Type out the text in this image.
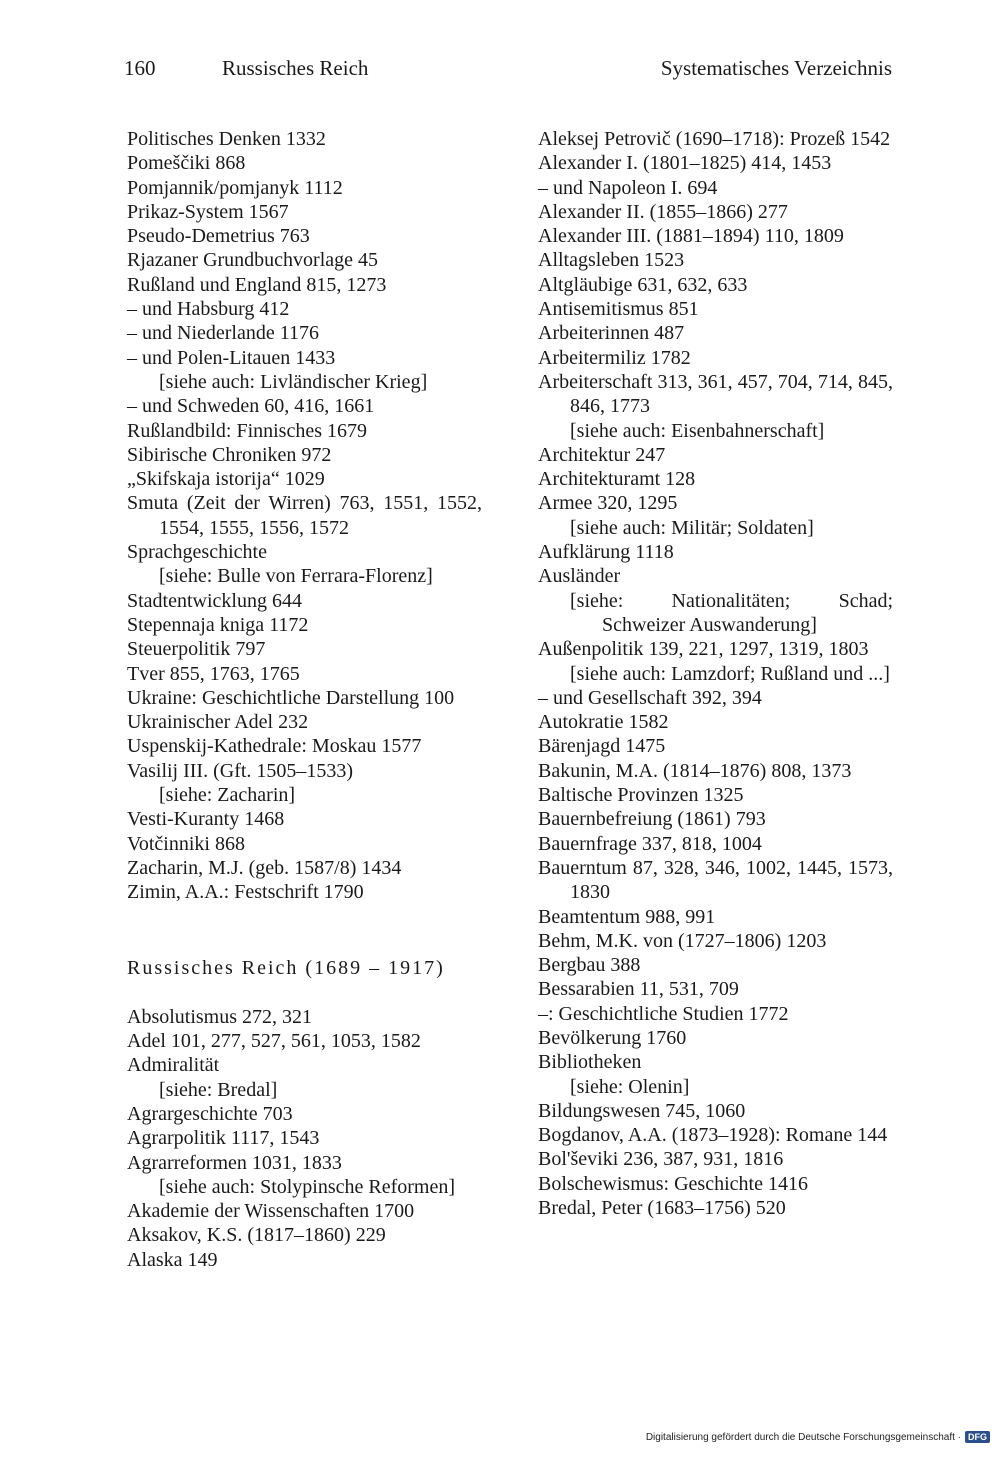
160	Russisches Reich	Systematisches Verzeichnis

Politisches Denken 1332

Pomeščiki 868

Pomjannik/pomjanyk 1112

Prikaz-System 1567

Pseudo-Demetrius 763

Rjazaner Grundbuchvorlage 45

Rußland und England 815, 1273

– und Habsburg 412

– und Niederlande 1176

– und Polen-Litauen 1433

[siehe auch: Livländischer Krieg]

– und Schweden 60, 416, 1661

Rußlandbild: Finnisches 1679

Sibirische Chroniken 972

„Skifskaja istorija“ 1029

Smuta (Zeit der Wirren) 763, 1551, 1552, 1554, 1555, 1556, 1572

Sprachgeschichte

[siehe: Bulle von Ferrara-Florenz]

Stadtentwicklung 644

Stepennaja kniga 1172

Steuerpolitik 797

Tver 855, 1763, 1765

Ukraine: Geschichtliche Darstellung 100

Ukrainischer Adel 232

Uspenskij-Kathedrale: Moskau 1577

Vasilij III. (Gft. 1505–1533)

[siehe: Zacharin]

Vesti-Kuranty 1468

Votčinniki 868

Zacharin, M.J. (geb. 1587/8) 1434

Zimin, A.A.: Festschrift 1790

Russisches Reich (1689 – 1917)

Absolutismus 272, 321

Adel 101, 277, 527, 561, 1053, 1582

Admiralität

[siehe: Bredal]

Agrargeschichte 703

Agrarpolitik 1117, 1543

Agrarreformen 1031, 1833

[siehe auch: Stolypinsche Reformen]

Akademie der Wissenschaften 1700

Aksakov, K.S. (1817–1860) 229

Alaska 149

Aleksej Petrovič (1690–1718): Prozeß 1542

Alexander I. (1801–1825) 414, 1453

– und Napoleon I. 694

Alexander II. (1855–1866) 277

Alexander III. (1881–1894) 110, 1809

Alltagsleben 1523

Altgläubige 631, 632, 633

Antisemitismus 851

Arbeiterinnen 487

Arbeitermiliz 1782

Arbeiterschaft 313, 361, 457, 704, 714, 845, 846, 1773

[siehe auch: Eisenbahnerschaft]

Architektur 247

Architekturamt 128

Armee 320, 1295

[siehe auch: Militär; Soldaten]

Aufklärung 1118

Ausländer

[siehe: Nationalitäten; Schad; Schweizer Auswanderung]

Außenpolitik 139, 221, 1297, 1319, 1803

[siehe auch: Lamzdorf; Rußland und ...]

– und Gesellschaft 392, 394

Autokratie 1582

Bärenjagd 1475

Bakunin, M.A. (1814–1876) 808, 1373

Baltische Provinzen 1325

Bauernbefreiung (1861) 793

Bauernfrage 337, 818, 1004

Bauerntum 87, 328, 346, 1002, 1445, 1573, 1830

Beamtentum 988, 991

Behm, M.K. von (1727–1806) 1203

Bergbau 388

Bessarabien 11, 531, 709

–: Geschichtliche Studien 1772

Bevölkerung 1760

Bibliotheken

[siehe: Olenin]

Bildungswesen 745, 1060

Bogdanov, A.A. (1873–1928): Romane 144

Bol'ševiki 236, 387, 931, 1816

Bolschewismus: Geschichte 1416

Bredal, Peter (1683–1756) 520

Digitalisierung gefördert durch die Deutsche Forschungsgemeinschaft · DFG
